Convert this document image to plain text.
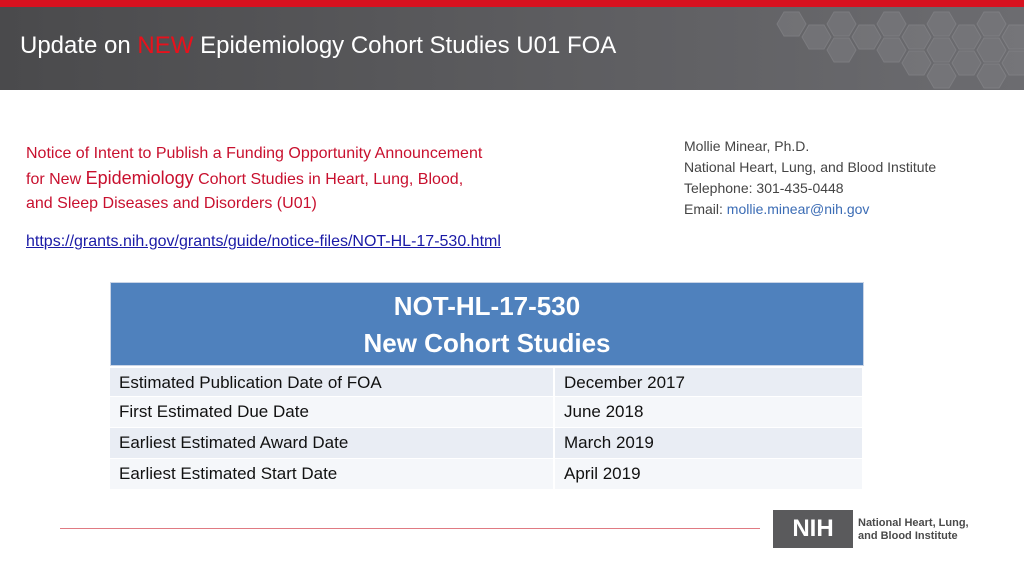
Update on NEW Epidemiology Cohort Studies U01 FOA
Notice of Intent to Publish a Funding Opportunity Announcement
for New Epidemiology Cohort Studies in Heart, Lung, Blood,
and Sleep Diseases and Disorders (U01)
https://grants.nih.gov/grants/guide/notice-files/NOT-HL-17-530.html
Mollie Minear, Ph.D.
National Heart, Lung, and Blood Institute
Telephone: 301-435-0448
Email: mollie.minear@nih.gov
NOT-HL-17-530
New Cohort Studies
Estimated Publication Date of FOA	December 2017
First Estimated Due Date	June 2018
Earliest Estimated Award Date	March 2019
Earliest Estimated Start Date	April 2019
NIH	National Heart, Lung,
and Blood Institute
